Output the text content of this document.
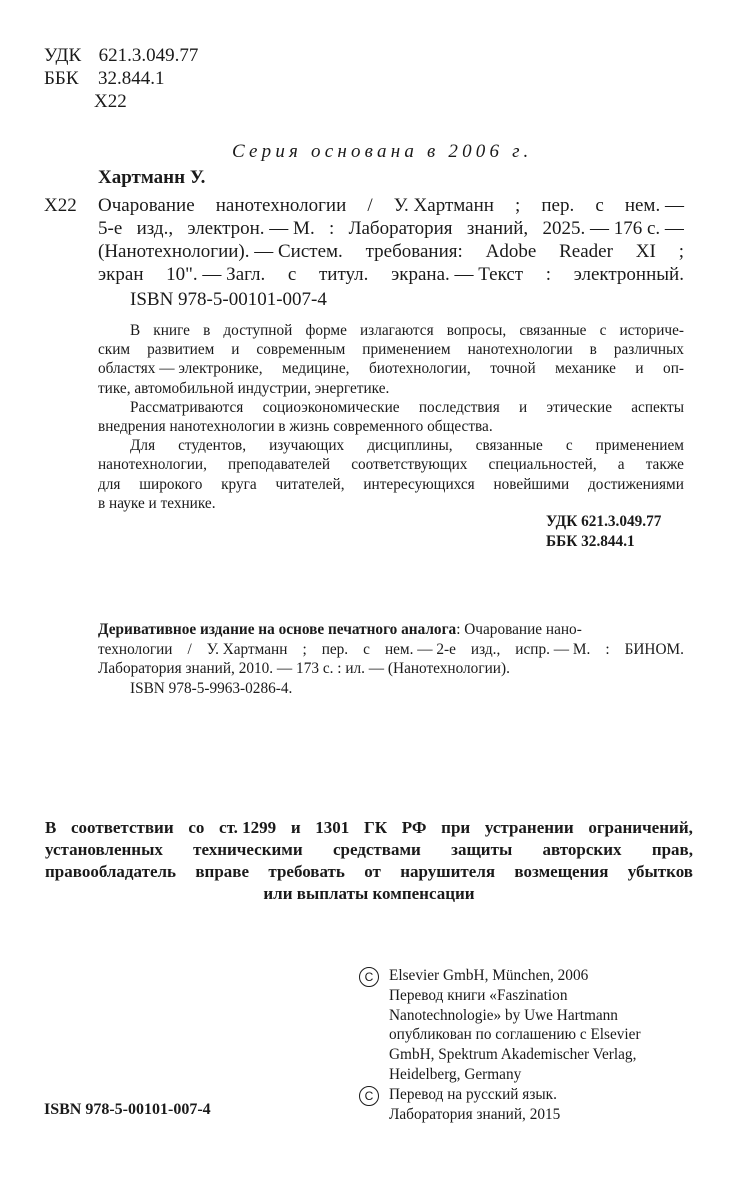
УДК 621.3.049.77
ББК 32.844.1
Х22
Серия основана в 2006 г.
Хартманн У.
Х22 Очарование нанотехнологии / У. Хартманн ; пер. с нем. —
5-е изд., электрон. — М. : Лаборатория знаний, 2025. — 176 с. —
(Нанотехнологии). — Систем. требования: Adobe Reader XI ;
экран 10". — Загл. с титул. экрана. — Текст : электронный.
ISBN 978-5-00101-007-4
В книге в доступной форме излагаются вопросы, связанные с историче-
ским развитием и современным применением нанотехнологии в различных
областях — электронике, медицине, биотехнологии, точной механике и оп-
тике, автомобильной индустрии, энергетике.
Рассматриваются социоэкономические последствия и этические аспекты
внедрения нанотехнологии в жизнь современного общества.
Для студентов, изучающих дисциплины, связанные с применением
нанотехнологии, преподавателей соответствующих специальностей, а также
для широкого круга читателей, интересующихся новейшими достижениями
в науке и технике.
УДК 621.3.049.77
ББК 32.844.1
Деривативное издание на основе печатного аналога: Очарование нано-
технологии / У. Хартманн ; пер. с нем. — 2-е изд., испр. — М. : БИНОМ.
Лаборатория знаний, 2010. — 173 с. : ил. — (Нанотехнологии).
ISBN 978-5-9963-0286-4.
В соответствии со ст. 1299 и 1301 ГК РФ при устранении ограничений,
установленных техническими средствами защиты авторских прав,
правообладатель вправе требовать от нарушителя возмещения убытков
или выплаты компенсации
C	Elsevier GmbH, München, 2006
Перевод книги «Faszination
Nanotechnologie» by Uwe Hartmann
опубликован по соглашению с Elsevier
GmbH, Spektrum Akademischer Verlag,
Heidelberg, Germany
C	Перевод на русский язык.
Лаборатория знаний, 2015
ISBN 978-5-00101-007-4
